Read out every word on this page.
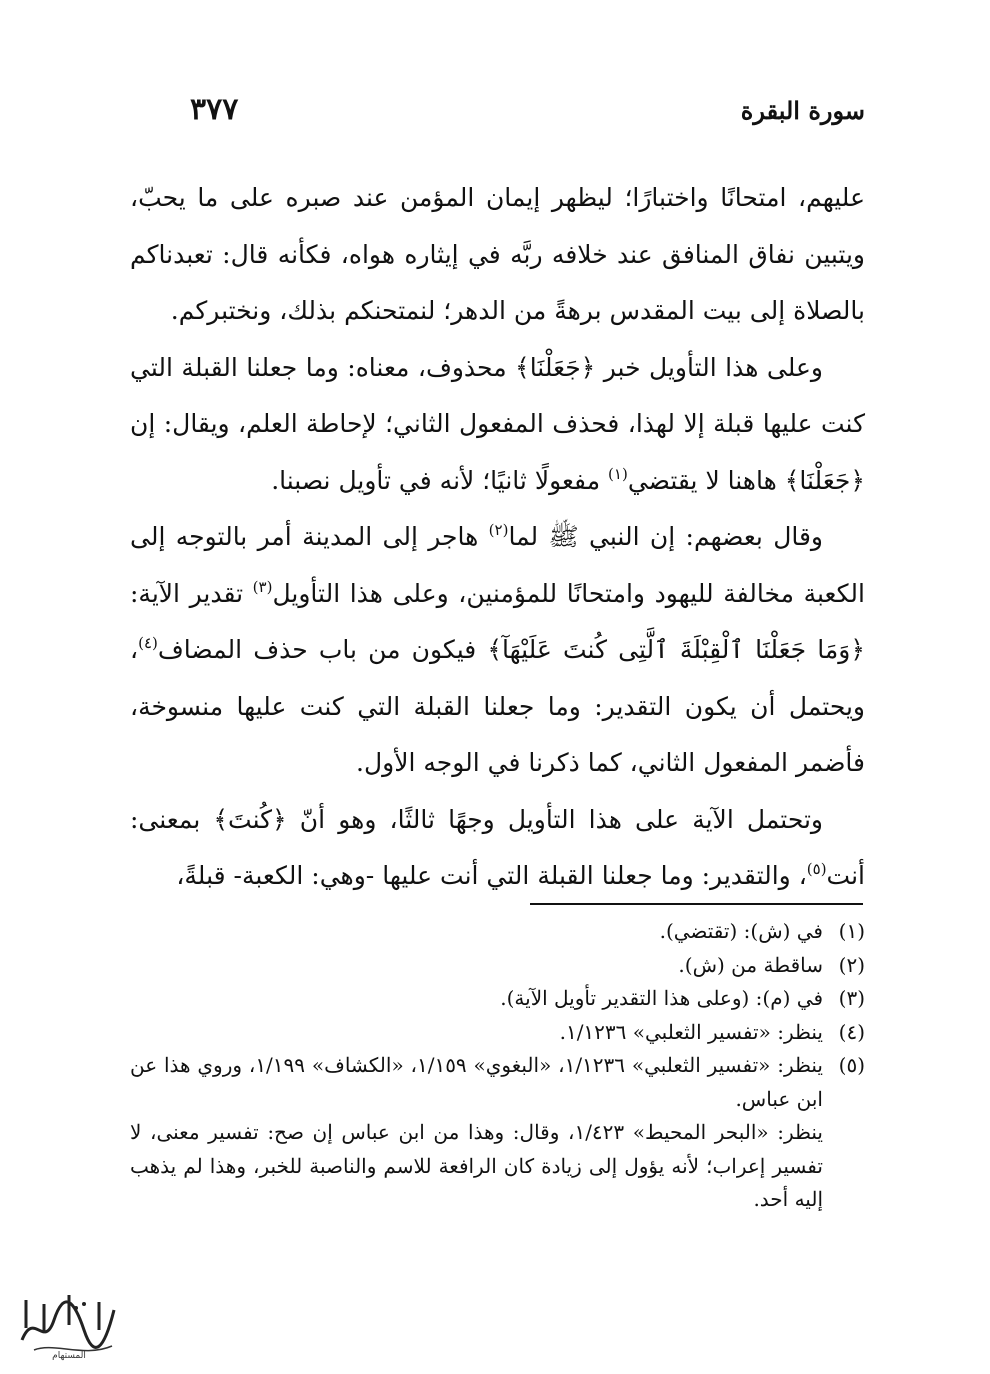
سورة البقرة
٣٧٧

عليهم، امتحانًا واختبارًا؛ ليظهر إيمان المؤمن عند صبره على ما يحبّ، ويتبين نفاق المنافق عند خلافه ربَّه في إيثاره هواه، فكأنه قال: تعبدناكم بالصلاة إلى بيت المقدس برهةً من الدهر؛ لنمتحنكم بذلك، ونختبركم.

وعلى هذا التأويل خبر ﴿جَعَلْنَا﴾ محذوف، معناه: وما جعلنا القبلة التي كنت عليها قبلة إلا لهذا، فحذف المفعول الثاني؛ لإحاطة العلم، ويقال: إن ﴿جَعَلْنَا﴾ هاهنا لا يقتضي$^{(١)}$ مفعولًا ثانيًا؛ لأنه في تأويل نصبنا.

وقال بعضهم: إن النبي ﷺ لما$^{(٢)}$ هاجر إلى المدينة أمر بالتوجه إلى الكعبة مخالفة لليهود وامتحانًا للمؤمنين، وعلى هذا التأويل$^{(٣)}$ تقدير الآية: ﴿وَمَا جَعَلْنَا ٱلْقِبْلَةَ ٱلَّتِى كُنتَ عَلَيْهَآ﴾ فيكون من باب حذف المضاف$^{(٤)}$، ويحتمل أن يكون التقدير: وما جعلنا القبلة التي كنت عليها منسوخة، فأضمر المفعول الثاني، كما ذكرنا في الوجه الأول.

وتحتمل الآية على هذا التأويل وجهًا ثالثًا، وهو أنّ ﴿كُنتَ﴾ بمعنى: أنت$^{(٥)}$، والتقدير: وما جعلنا القبلة التي أنت عليها -وهي: الكعبة- قبلةً،

(١)
في (ش): (تقتضي).
(٢)
ساقطة من (ش).
(٣)
في (م): (وعلى هذا التقدير تأويل الآية).
(٤)
ينظر: «تفسير الثعلبي» ١/١٢٣٦.
(٥)
ينظر: «تفسير الثعلبي» ١/١٢٣٦، «البغوي» ١/١٥٩، «الكشاف» ١/١٩٩، وروي هذا عن ابن عباس.
ينظر: «البحر المحيط» ١/٤٢٣، وقال: وهذا من ابن عباس إن صح: تفسير معنى، لا تفسير إعراب؛ لأنه يؤول إلى زيادة كان الرافعة للاسم والناصبة للخبر، وهذا لم يذهب إليه أحد.
المستهام
